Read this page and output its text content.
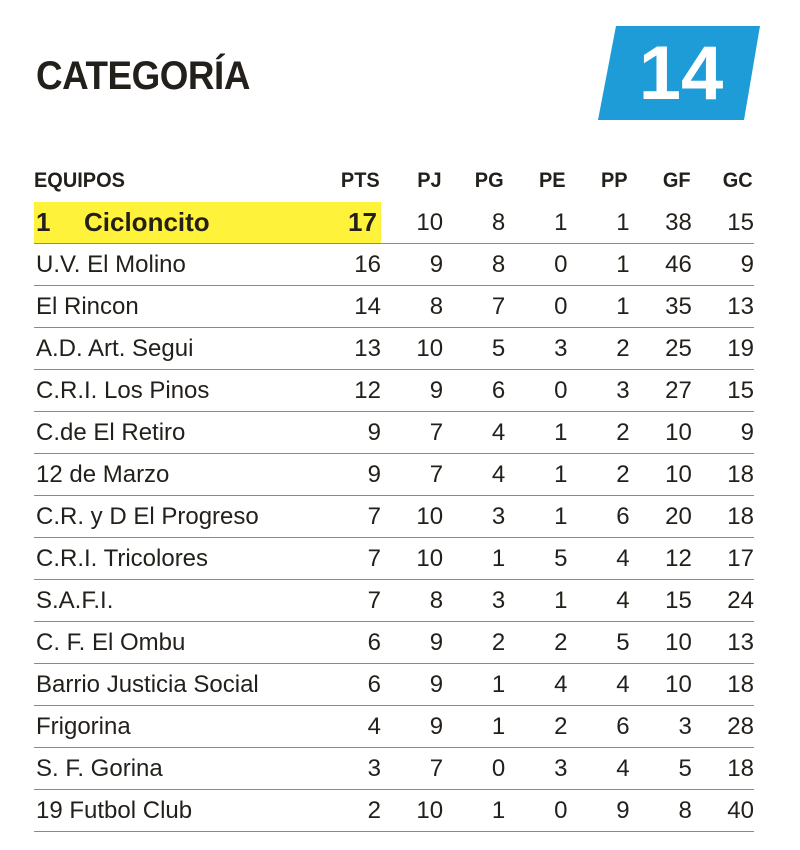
CATEGORÍA	14
EQUIPOS	PTS	PJ	PG	PE	PP	GF	GC
1 Cicloncito	17	10	8	1	1	38	15
U.V. El Molino	16	9	8	0	1	46	9
El Rincon	14	8	7	0	1	35	13
A.D. Art. Segui	13	10	5	3	2	25	19
C.R.I. Los Pinos	12	9	6	0	3	27	15
C.de El Retiro	9	7	4	1	2	10	9
12 de Marzo	9	7	4	1	2	10	18
C.R. y D El Progreso	7	10	3	1	6	20	18
C.R.I. Tricolores	7	10	1	5	4	12	17
S.A.F.I.	7	8	3	1	4	15	24
C. F. El Ombu	6	9	2	2	5	10	13
Barrio Justicia Social	6	9	1	4	4	10	18
Frigorina	4	9	1	2	6	3	28
S. F. Gorina	3	7	0	3	4	5	18
19 Futbol Club	2	10	1	0	9	8	40
